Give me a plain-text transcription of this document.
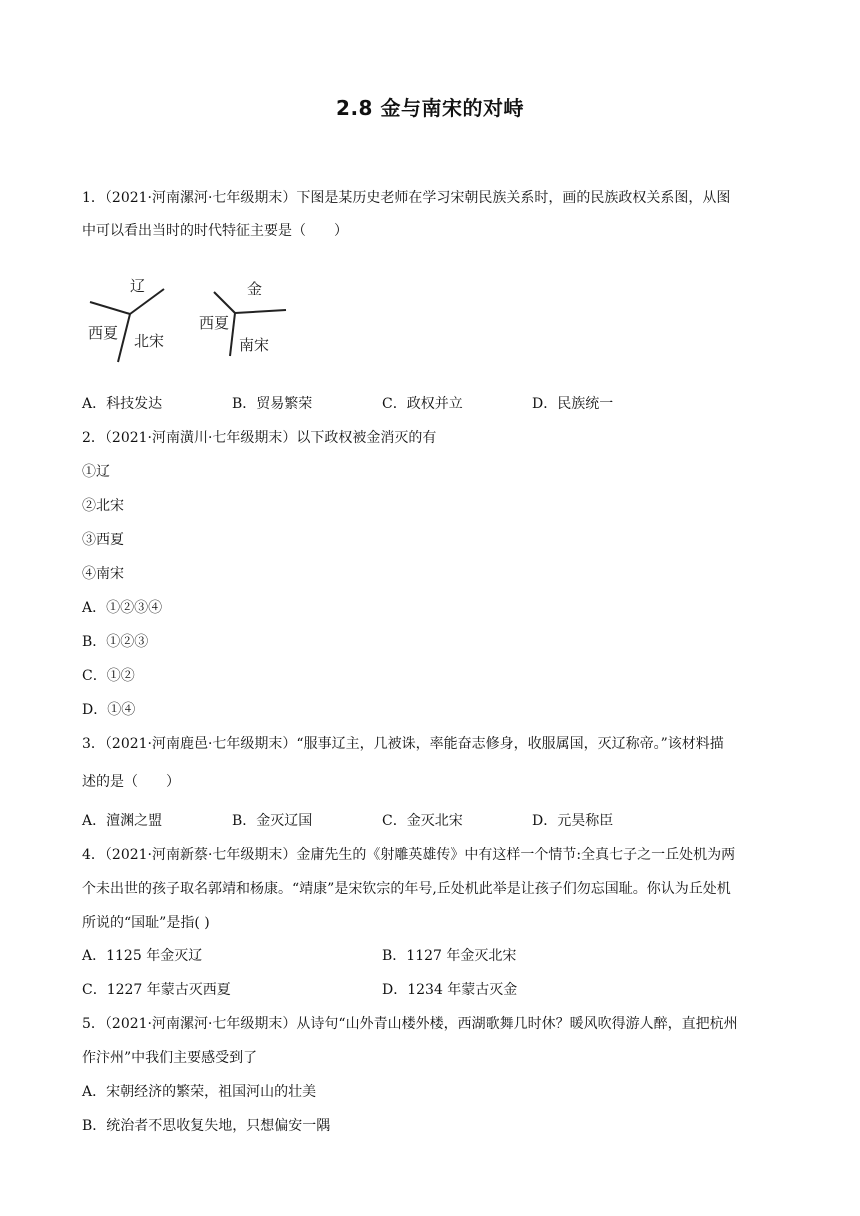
2.8 金与南宋的对峙
1．（2021·河南漯河·七年级期末）下图是某历史老师在学习宋朝民族关系时，画的民族政权关系图，从图
中可以看出当时的时代特征主要是（　　）
辽
西夏 北宋
金
西夏
南宋
A．科技发达	B．贸易繁荣	C．政权并立	D．民族统一
2．（2021·河南潢川·七年级期末）以下政权被金消灭的有
①辽
②北宋
③西夏
④南宋
A．①②③④
B．①②③
C．①②
D．①④
3．（2021·河南鹿邑·七年级期末）“服事辽主，几被诛，率能奋志修身，收服属国，灭辽称帝。”该材料描
述的是（　　）
A．澶渊之盟	B．金灭辽国	C．金灭北宋	D．元昊称臣
4．（2021·河南新蔡·七年级期末）金庸先生的《射雕英雄传》中有这样一个情节:全真七子之一丘处机为两
个未出世的孩子取名郭靖和杨康。“靖康”是宋钦宗的年号,丘处机此举是让孩子们勿忘国耻。你认为丘处机
所说的“国耻”是指( )
A．1125 年金灭辽	B．1127 年金灭北宋
C．1227 年蒙古灭西夏	D．1234 年蒙古灭金
5．（2021·河南漯河·七年级期末）从诗句“山外青山楼外楼，西湖歌舞几时休？暖风吹得游人醉，直把杭州
作汴州”中我们主要感受到了
A．宋朝经济的繁荣，祖国河山的壮美
B．统治者不思收复失地，只想偏安一隅
